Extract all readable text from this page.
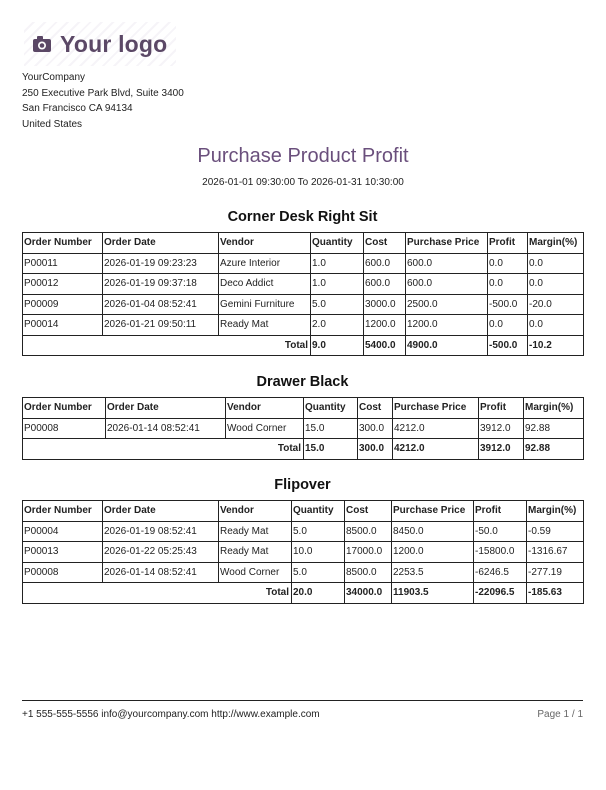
Your logo
YourCompany
250 Executive Park Blvd, Suite 3400
San Francisco CA 94134
United States
Purchase Product Profit
2026-01-01 09:30:00 To 2026-01-31 10:30:00
Corner Desk Right Sit
Order Number	Order Date	Vendor	Quantity	Cost	Purchase Price	Profit	Margin(%)
P00011	2026-01-19 09:23:23	Azure Interior	1.0	600.0	600.0	0.0	0.0
P00012	2026-01-19 09:37:18	Deco Addict	1.0	600.0	600.0	0.0	0.0
P00009	2026-01-04 08:52:41	Gemini Furniture	5.0	3000.0	2500.0	-500.0	-20.0
P00014	2026-01-21 09:50:11	Ready Mat	2.0	1200.0	1200.0	0.0	0.0
Total			9.0	5400.0	4900.0	-500.0	-10.2
Drawer Black
Order Number	Order Date	Vendor	Quantity	Cost	Purchase Price	Profit	Margin(%)
P00008	2026-01-14 08:52:41	Wood Corner	15.0	300.0	4212.0	3912.0	92.88
Total			15.0	300.0	4212.0	3912.0	92.88
Flipover
Order Number	Order Date	Vendor	Quantity	Cost	Purchase Price	Profit	Margin(%)
P00004	2026-01-19 08:52:41	Ready Mat	5.0	8500.0	8450.0	-50.0	-0.59
P00013	2026-01-22 05:25:43	Ready Mat	10.0	17000.0	1200.0	-15800.0	-1316.67
P00008	2026-01-14 08:52:41	Wood Corner	5.0	8500.0	2253.5	-6246.5	-277.19
Total			20.0	34000.0	11903.5	-22096.5	-185.63
+1 555-555-5556 info@yourcompany.com http://www.example.com	Page 1 / 1
